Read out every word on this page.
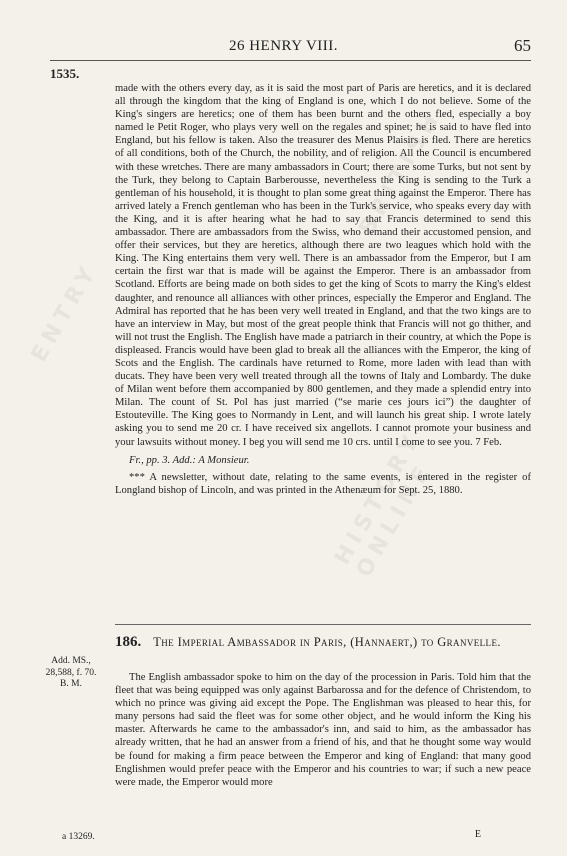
ENTRY
HISTORY ONLINE
BRITISH
26 HENRY VIII.	65
1535.

made with the others every day, as it is said the most part of Paris are heretics, and it is declared all through the kingdom that the king of England is one, which I do not believe. Some of the King's singers are heretics; one of them has been burnt and the others fled, especially a boy named le Petit Roger, who plays very well on the regales and spinet; he is said to have fled into England, but his fellow is taken. Also the treasurer des Menus Plaisirs is fled. There are heretics of all conditions, both of the Church, the nobility, and of religion. All the Council is encumbered with these wretches. There are many ambassadors in Court; there are some Turks, but not sent by the Turk, they belong to Captain Barberousse, nevertheless the King is sending to the Turk a gentleman of his household, it is thought to plan some great thing against the Emperor. There has arrived lately a French gentleman who has been in the Turk's service, who speaks every day with the King, and it is after hearing what he had to say that Francis determined to send this ambassador. There are ambassadors from the Swiss, who demand their accustomed pension, and offer their services, but they are heretics, although there are two leagues which hold with the King. The King entertains them very well. There is an ambassador from the Emperor, but I am certain the first war that is made will be against the Emperor. There is an ambassador from Scotland. Efforts are being made on both sides to get the king of Scots to marry the King's eldest daughter, and renounce all alliances with other princes, especially the Emperor and England. The Admiral has reported that he has been very well treated in England, and that the two kings are to have an interview in May, but most of the great people think that Francis will not go thither, and will not trust the English. The English have made a patriarch in their country, at which the Pope is displeased. Francis would have been glad to break all the alliances with the Emperor, the king of Scots and the English. The cardinals have returned to Rome, more laden with lead than with ducats. They have been very well treated through all the towns of Italy and Lombardy. The duke of Milan went before them accompanied by 800 gentlemen, and they made a splendid entry into Milan. The count of St. Pol has just married (“se marie ces jours ici”) the daughter of Estouteville. The King goes to Normandy in Lent, and will launch his great ship. I wrote lately asking you to send me 20 cr. I have received six angellots. I cannot promote your business and your lawsuits without money. I beg you will send me 10 crs. until I come to see you. 7 Feb.

Fr., pp. 3. Add.: A Monsieur.

*** A newsletter, without date, relating to the same events, is entered in the register of Longland bishop of Lincoln, and was printed in the Athenæum for Sept. 25, 1880.

186. The Imperial Ambassador in Paris, (Hannaert,) to Granvelle.
Add. MS.,
28,588, f. 70.
B. M.
The English ambassador spoke to him on the day of the procession in Paris. Told him that the fleet that was being equipped was only against Barbarossa and for the defence of Christendom, to which no prince was giving aid except the Pope. The Englishman was pleased to hear this, for many persons had said the fleet was for some other object, and he would inform the King his master. Afterwards he came to the ambassador's inn, and said to him, as the ambassador has already written, that he had an answer from a friend of his, and that he thought some way would be found for making a firm peace between the Emperor and king of England: that many good Englishmen would prefer peace with the Emperor and his countries to war; if such a new peace were made, the Emperor would more
a 13269.	E
